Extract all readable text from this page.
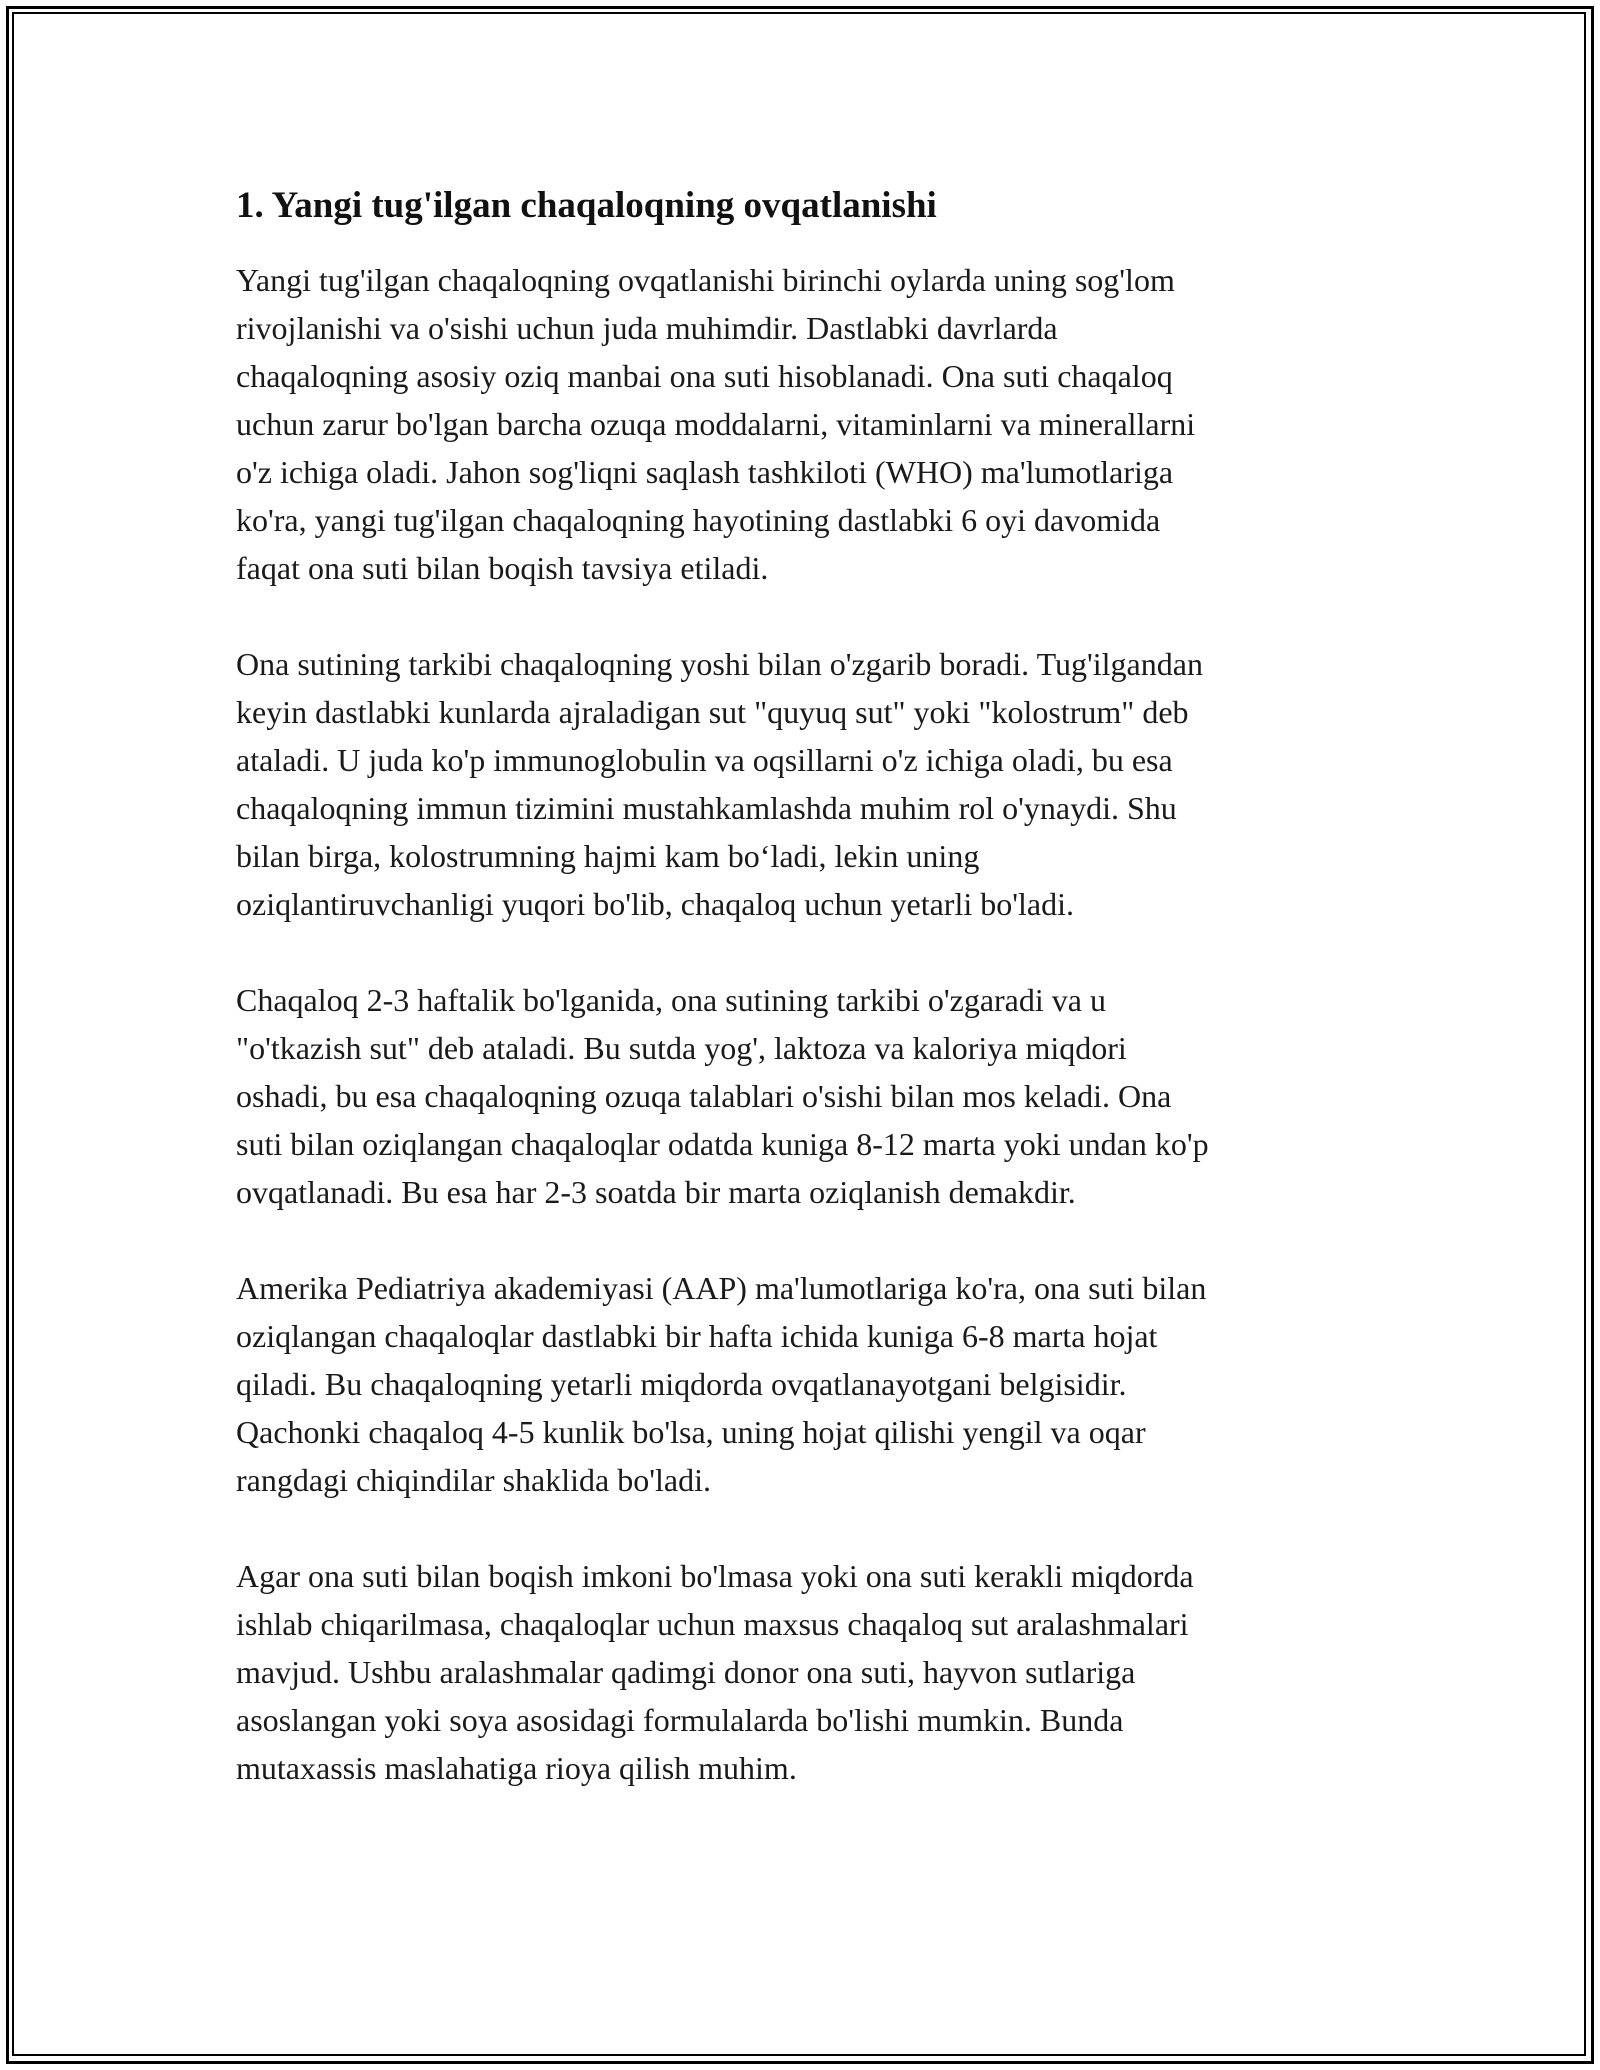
1. Yangi tug'ilgan chaqaloqning ovqatlanishi
Yangi tug'ilgan chaqaloqning ovqatlanishi birinchi oylarda uning sog'lom
rivojlanishi va o'sishi uchun juda muhimdir. Dastlabki davrlarda
chaqaloqning asosiy oziq manbai ona suti hisoblanadi. Ona suti chaqaloq
uchun zarur bo'lgan barcha ozuqa moddalarni, vitaminlarni va minerallarni
o'z ichiga oladi. Jahon sog'liqni saqlash tashkiloti (WHO) ma'lumotlariga
ko'ra, yangi tug'ilgan chaqaloqning hayotining dastlabki 6 oyi davomida
faqat ona suti bilan boqish tavsiya etiladi.
Ona sutining tarkibi chaqaloqning yoshi bilan o'zgarib boradi. Tug'ilgandan
keyin dastlabki kunlarda ajraladigan sut "quyuq sut" yoki "kolostrum" deb
ataladi. U juda ko'p immunoglobulin va oqsillarni o'z ichiga oladi, bu esa
chaqaloqning immun tizimini mustahkamlashda muhim rol o'ynaydi. Shu
bilan birga, kolostrumning hajmi kam bo‘ladi, lekin uning
oziqlantiruvchanligi yuqori bo'lib, chaqaloq uchun yetarli bo'ladi.
Chaqaloq 2-3 haftalik bo'lganida, ona sutining tarkibi o'zgaradi va u
"o'tkazish sut" deb ataladi. Bu sutda yog', laktoza va kaloriya miqdori
oshadi, bu esa chaqaloqning ozuqa talablari o'sishi bilan mos keladi. Ona
suti bilan oziqlangan chaqaloqlar odatda kuniga 8-12 marta yoki undan ko'p
ovqatlanadi. Bu esa har 2-3 soatda bir marta oziqlanish demakdir.
Amerika Pediatriya akademiyasi (AAP) ma'lumotlariga ko'ra, ona suti bilan
oziqlangan chaqaloqlar dastlabki bir hafta ichida kuniga 6-8 marta hojat
qiladi. Bu chaqaloqning yetarli miqdorda ovqatlanayotgani belgisidir.
Qachonki chaqaloq 4-5 kunlik bo'lsa, uning hojat qilishi yengil va oqar
rangdagi chiqindilar shaklida bo'ladi.
Agar ona suti bilan boqish imkoni bo'lmasa yoki ona suti kerakli miqdorda
ishlab chiqarilmasa, chaqaloqlar uchun maxsus chaqaloq sut aralashmalari
mavjud. Ushbu aralashmalar qadimgi donor ona suti, hayvon sutlariga
asoslangan yoki soya asosidagi formulalarda bo'lishi mumkin. Bunda
mutaxassis maslahatiga rioya qilish muhim.
